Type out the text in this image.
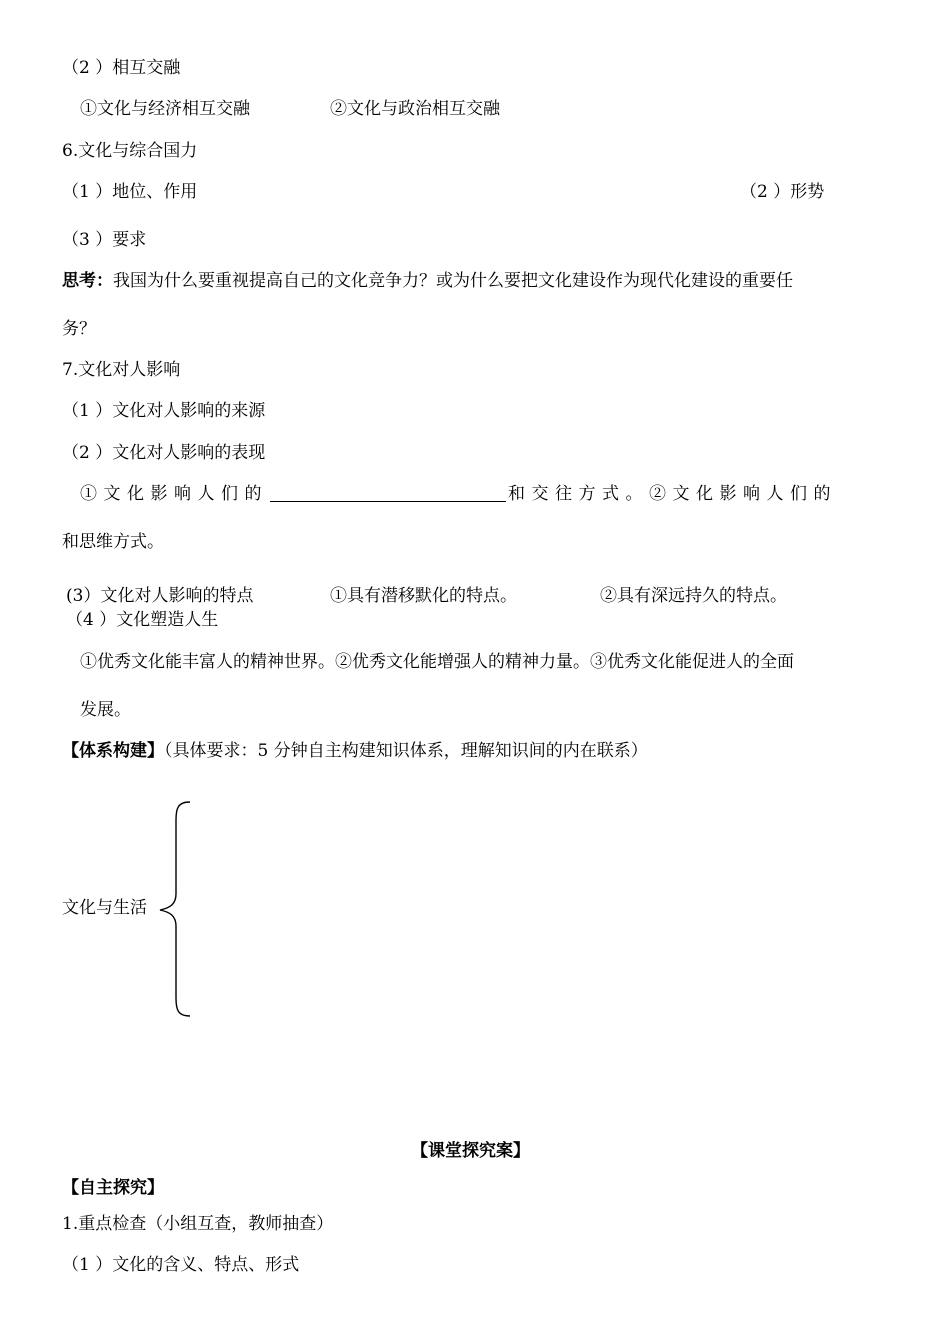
（2 ）相互交融
①文化与经济相互交融	②文化与政治相互交融
6.文化与综合国力
（1 ）地位、作用	（2 ）形势
（3 ）要求
思考：我国为什么要重视提高自己的文化竞争力？或为什么要把文化建设作为现代化建设的重要任
务？
7.文化对人影响
（1 ）文化对人影响的来源
（2 ）文化对人影响的表现
①文化影响人们的	和交往方式。②文化影响人们的
和思维方式。
(3）文化对人影响的特点	①具有潜移默化的特点。	②具有深远持久的特点。
（4 ）文化塑造人生
①优秀文化能丰富人的精神世界。②优秀文化能增强人的精神力量。③优秀文化能促进人的全面
发展。
【体系构建】（具体要求：5 分钟自主构建知识体系，理解知识间的内在联系）
文化与生活
【课堂探究案】
【自主探究】
1.重点检查（小组互查，教师抽查）
（1 ）文化的含义、特点、形式
